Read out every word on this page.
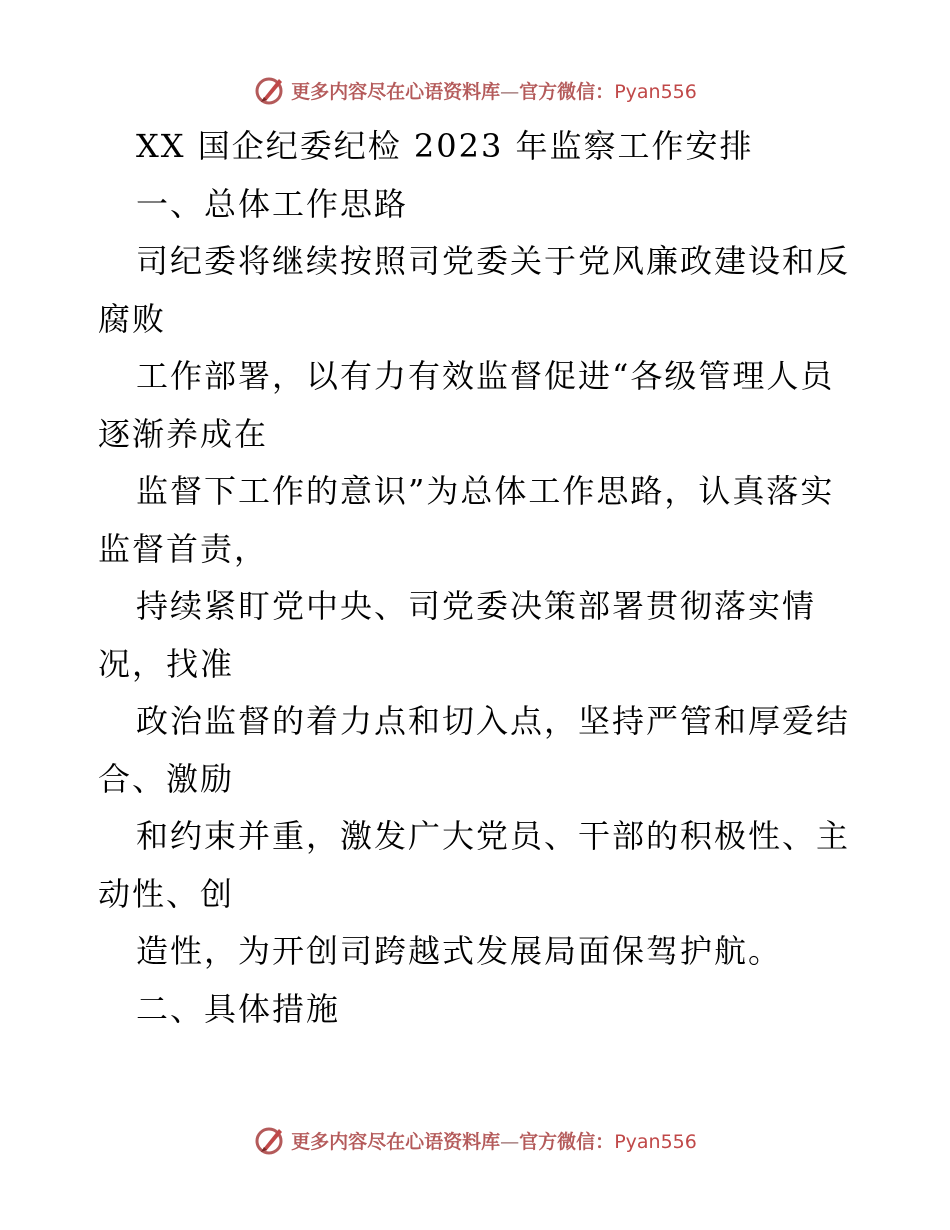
更多内容尽在心语资料库—官方微信：Pyan556
XX 国企纪委纪检 2023 年监察工作安排
一、总体工作思路
司纪委将继续按照司党委关于党风廉政建设和反
腐败
工作部署，以有力有效监督促进“各级管理人员
逐渐养成在
监督下工作的意识”为总体工作思路，认真落实
监督首责，
持续紧盯党中央、司党委决策部署贯彻落实情
况，找准
政治监督的着力点和切入点，坚持严管和厚爱结
合、激励
和约束并重，激发广大党员、干部的积极性、主
动性、创
造性，为开创司跨越式发展局面保驾护航。
二、具体措施
更多内容尽在心语资料库—官方微信：Pyan556
